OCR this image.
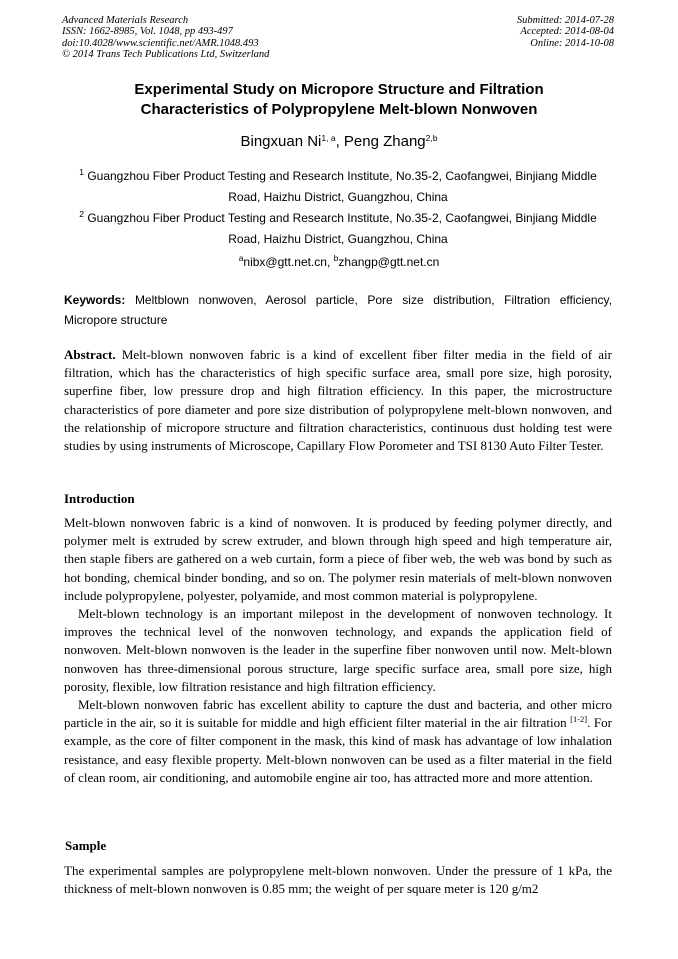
Advanced Materials Research
ISSN: 1662-8985, Vol. 1048, pp 493-497
doi:10.4028/www.scientific.net/AMR.1048.493
© 2014 Trans Tech Publications Ltd, Switzerland
Submitted: 2014-07-28
Accepted: 2014-08-04
Online: 2014-10-08
Experimental Study on Micropore Structure and Filtration
Characteristics of Polypropylene Melt-blown Nonwoven
Bingxuan Ni$^{1, a}$, Peng Zhang$^{2,b}$
$^1$ Guangzhou Fiber Product Testing and Research Institute, No.35-2, Caofangwei, Binjiang Middle
Road, Haizhu District, Guangzhou, China
$^2$ Guangzhou Fiber Product Testing and Research Institute, No.35-2, Caofangwei, Binjiang Middle
Road, Haizhu District, Guangzhou, China
$^a$nibx@gtt.net.cn, $^b$zhangp@gtt.net.cn
Keywords: Meltblown nonwoven, Aerosol particle, Pore size distribution, Filtration efficiency, Micropore structure

Abstract. Melt-blown nonwoven fabric is a kind of excellent fiber filter media in the field of air filtration, which has the characteristics of high specific surface area, small pore size, high porosity, superfine fiber, low pressure drop and high filtration efficiency. In this paper, the microstructure characteristics of pore diameter and pore size distribution of polypropylene melt-blown nonwoven, and the relationship of micropore structure and filtration characteristics, continuous dust holding test were studies by using instruments of Microscope, Capillary Flow Porometer and TSI 8130 Auto Filter Tester.

Introduction

Melt-blown nonwoven fabric is a kind of nonwoven. It is produced by feeding polymer directly, and polymer melt is extruded by screw extruder, and blown through high speed and high temperature air, then staple fibers are gathered on a web curtain, form a piece of fiber web, the web was bond by such as hot bonding, chemical binder bonding, and so on. The polymer resin materials of melt-blown nonwoven include polypropylene, polyester, polyamide, and most common material is polypropylene.

Melt-blown technology is an important milepost in the development of nonwoven technology. It improves the technical level of the nonwoven technology, and expands the application field of nonwoven. Melt-blown nonwoven is the leader in the superfine fiber nonwoven until now. Melt-blown nonwoven has three-dimensional porous structure, large specific surface area, small pore size, high porosity, flexible, low filtration resistance and high filtration efficiency.

Melt-blown nonwoven fabric has excellent ability to capture the dust and bacteria, and other micro particle in the air, so it is suitable for middle and high efficient filter material in the air filtration [1-2]. For example, as the core of filter component in the mask, this kind of mask has advantage of low inhalation resistance, and easy flexible property. Melt-blown nonwoven can be used as a filter material in the field of clean room, air conditioning, and automobile engine air too, has attracted more and more attention.

Sample

The experimental samples are polypropylene melt-blown nonwoven. Under the pressure of 1 kPa, the thickness of melt-blown nonwoven is 0.85 mm; the weight of per square meter is 120 g/m2
